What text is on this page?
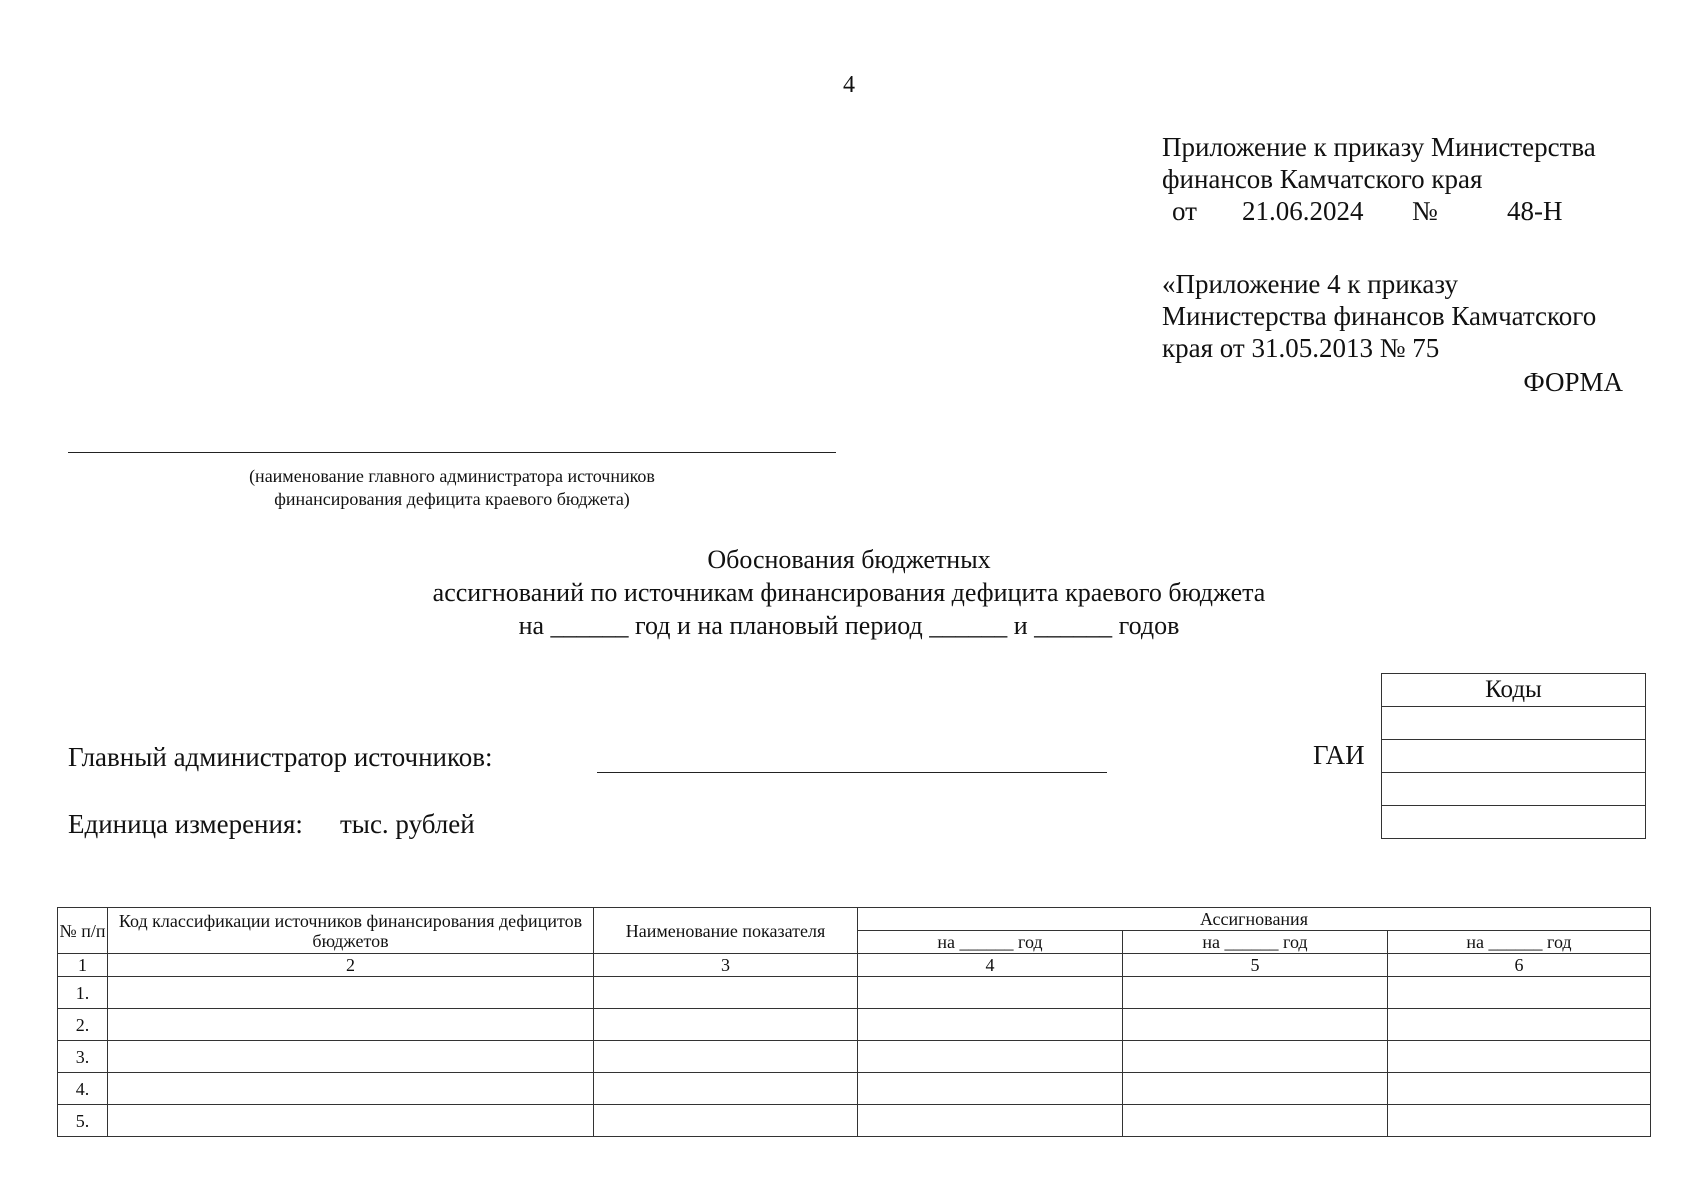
4
Приложение к приказу Министерства
финансов Камчатского края
от 21.06.2024 №	48-Н
«Приложение 4 к приказу
Министерства финансов Камчатского
края от 31.05.2013 № 75
ФОРМА
(наименование главного администратора источников
финансирования дефицита краевого бюджета)
Обоснования бюджетных
ассигнований по источникам финансирования дефицита краевого бюджета
на ______ год и на плановый период ______ и ______ годов
Коды

ГАИ
Главный администратор источников:
Единица измерения: тыс. рублей
№ п/п	Код классификации источников финансирования дефицитов бюджетов	Наименование показателя	Ассигнования		
			на ______ год	на ______ год	на ______ год
1	2	3	4	5	6
1.					
2.					
3.					
4.					
5.					
